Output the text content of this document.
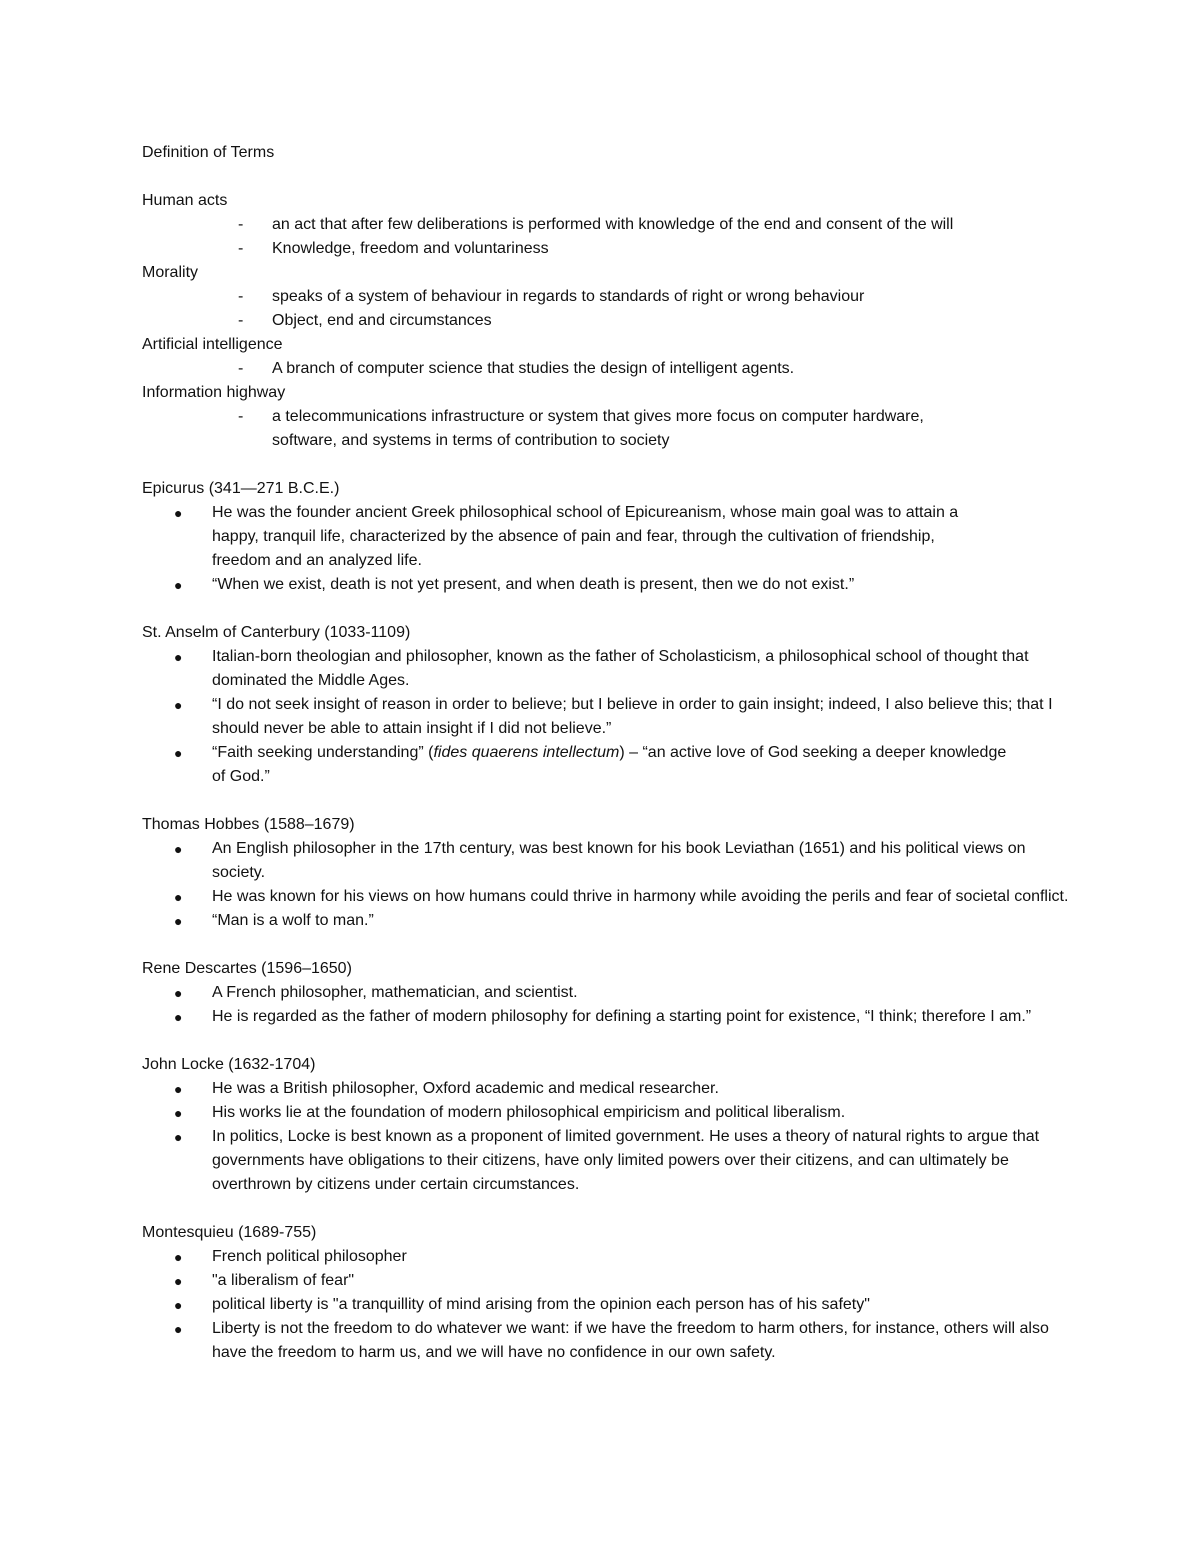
Definition of Terms

Human acts

- an act that after few deliberations is performed with knowledge of the end and consent of the will
- Knowledge, freedom and voluntariness

Morality

- speaks of a system of behaviour in regards to standards of right or wrong behaviour
- Object, end and circumstances

Artificial intelligence

- A branch of computer science that studies the design of intelligent agents.

Information highway

- a telecommunications infrastructure or system that gives more focus on computer hardware, software, and systems in terms of contribution to society

Epicurus (341—271 B.C.E.)

● He was the founder ancient Greek philosophical school of Epicureanism, whose main goal was to attain a happy, tranquil life, characterized by the absence of pain and fear, through the cultivation of friendship, freedom and an analyzed life.
● “When we exist, death is not yet present, and when death is present, then we do not exist.”

St. Anselm of Canterbury (1033-1109)

● Italian-born theologian and philosopher, known as the father of Scholasticism, a philosophical school of thought that dominated the Middle Ages.
● “I do not seek insight of reason in order to believe; but I believe in order to gain insight; indeed, I also believe this; that I should never be able to attain insight if I did not believe.”
● “Faith seeking understanding” (fides quaerens intellectum) – “an active love of God seeking a deeper knowledge of God.”

Thomas Hobbes (1588–1679)

● An English philosopher in the 17th century, was best known for his book Leviathan (1651) and his political views on society.
● He was known for his views on how humans could thrive in harmony while avoiding the perils and fear of societal conflict.
● “Man is a wolf to man.”

Rene Descartes (1596–1650)

● A French philosopher, mathematician, and scientist.
● He is regarded as the father of modern philosophy for defining a starting point for existence, “I think; therefore I am.”

John Locke (1632-1704)

● He was a British philosopher, Oxford academic and medical researcher.
● His works lie at the foundation of modern philosophical empiricism and political liberalism.
● In politics, Locke is best known as a proponent of limited government. He uses a theory of natural rights to argue that governments have obligations to their citizens, have only limited powers over their citizens, and can ultimately be overthrown by citizens under certain circumstances.

Montesquieu (1689-755)

● French political philosopher
● "a liberalism of fear"
● political liberty is "a tranquillity of mind arising from the opinion each person has of his safety"
● Liberty is not the freedom to do whatever we want: if we have the freedom to harm others, for instance, others will also have the freedom to harm us, and we will have no confidence in our own safety.
